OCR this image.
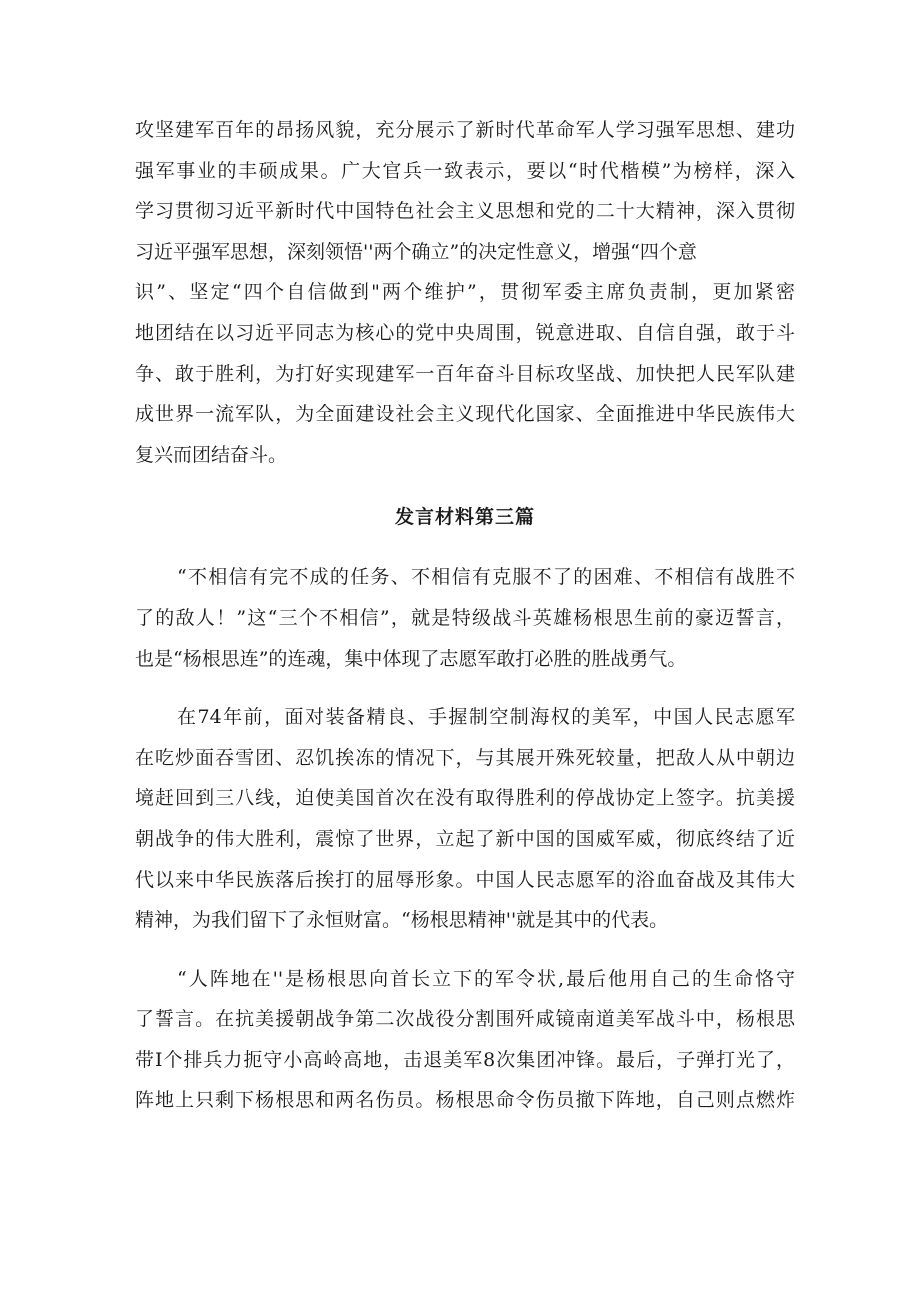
攻坚建军百年的昂扬风貌，充分展示了新时代革命军人学习强军思想、建功
强军事业的丰硕成果。广大官兵一致表示，要以“时代楷模”为榜样，深入
学习贯彻习近平新时代中国特色社会主义思想和党的二十大精神，深入贯彻
习近平强军思想，深刻领悟''两个确立”的决定性意义，增强“四个意
识”、坚定“四个自信做到"两个维护”，贯彻军委主席负责制，更加紧密
地团结在以习近平同志为核心的党中央周围，锐意进取、自信自强，敢于斗
争、敢于胜利，为打好实现建军一百年奋斗目标攻坚战、加快把人民军队建
成世界一流军队，为全面建设社会主义现代化国家、全面推进中华民族伟大
复兴而团结奋斗。
发言材料第三篇
“不相信有完不成的任务、不相信有克服不了的困难、不相信有战胜不
了的敌人！”这“三个不相信”，就是特级战斗英雄杨根思生前的豪迈誓言，
也是“杨根思连”的连魂，集中体现了志愿军敢打必胜的胜战勇气。
在74年前，面对装备精良、手握制空制海权的美军，中国人民志愿军
在吃炒面吞雪团、忍饥挨冻的情况下，与其展开殊死较量，把敌人从中朝边
境赶回到三八线，迫使美国首次在没有取得胜利的停战协定上签字。抗美援
朝战争的伟大胜利，震惊了世界，立起了新中国的国威军威，彻底终结了近
代以来中华民族落后挨打的屈辱形象。中国人民志愿军的浴血奋战及其伟大
精神，为我们留下了永恒财富。“杨根思精神''就是其中的代表。
“人阵地在''是杨根思向首长立下的军令状,最后他用自己的生命恪守
了誓言。在抗美援朝战争第二次战役分割围歼咸镜南道美军战斗中，杨根思
带I个排兵力扼守小高岭高地，击退美军8次集团冲锋。最后，子弹打光了，
阵地上只剩下杨根思和两名伤员。杨根思命令伤员撤下阵地，自己则点燃炸
